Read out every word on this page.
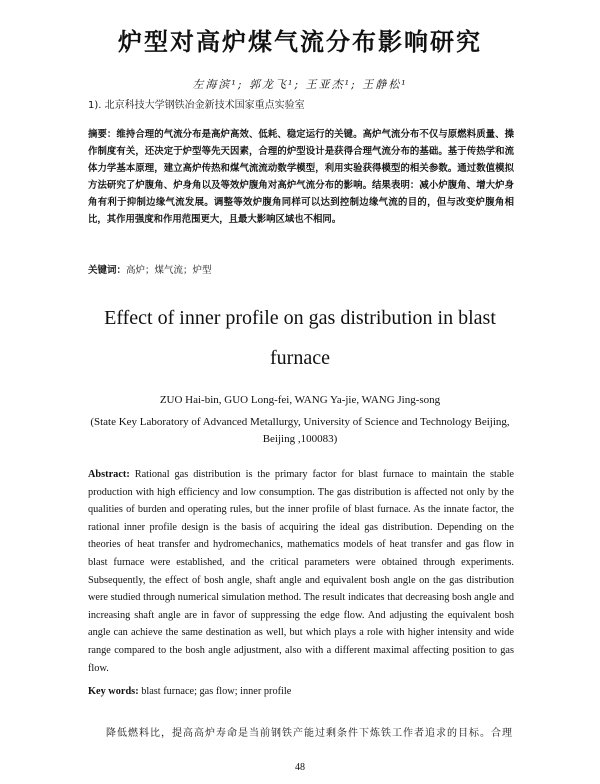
炉型对高炉煤气流分布影响研究
左海滨¹; 郭龙飞¹; 王亚杰¹; 王静松¹
1). 北京科技大学钢铁冶金新技术国家重点实验室
摘要：维持合理的气流分布是高炉高效、低耗、稳定运行的关键。高炉气流分布不仅与原燃料质量、操作制度有关，还决定于炉型等先天因素，合理的炉型设计是获得合理气流分布的基础。基于传热学和流体力学基本原理，建立高炉传热和煤气流流动数学模型，利用实验获得模型的相关参数。通过数值模拟方法研究了炉腹角、炉身角以及等效炉腹角对高炉气流分布的影响。结果表明：减小炉腹角、增大炉身角有利于抑制边缘气流发展。调整等效炉腹角同样可以达到控制边缘气流的目的，但与改变炉腹角相比，其作用强度和作用范围更大，且最大影响区域也不相同。
关键词：高炉；煤气流；炉型
Effect of inner profile on gas distribution in blast
furnace
ZUO Hai-bin, GUO Long-fei, WANG Ya-jie, WANG Jing-song
(State Key Laboratory of Advanced Metallurgy, University of Science and Technology Beijing, Beijing ,100083)
Abstract: Rational gas distribution is the primary factor for blast furnace to maintain the stable production with high efficiency and low consumption. The gas distribution is affected not only by the qualities of burden and operating rules, but the inner profile of blast furnace. As the innate factor, the rational inner profile design is the basis of acquiring the ideal gas distribution. Depending on the theories of heat transfer and hydromechanics, mathematics models of heat transfer and gas flow in blast furnace were established, and the critical parameters were obtained through experiments. Subsequently, the effect of bosh angle, shaft angle and equivalent bosh angle on the gas distribution were studied through numerical simulation method. The result indicates that decreasing bosh angle and increasing shaft angle are in favor of suppressing the edge flow. And adjusting the equivalent bosh angle can achieve the same destination as well, but which plays a role with higher intensity and wide range compared to the bosh angle adjustment, also with a different maximal affecting position to gas flow.
Key words: blast furnace; gas flow; inner profile
降低燃料比，提高高炉寿命是当前钢铁产能过剩条件下炼铁工作者追求的目标。合理
48
